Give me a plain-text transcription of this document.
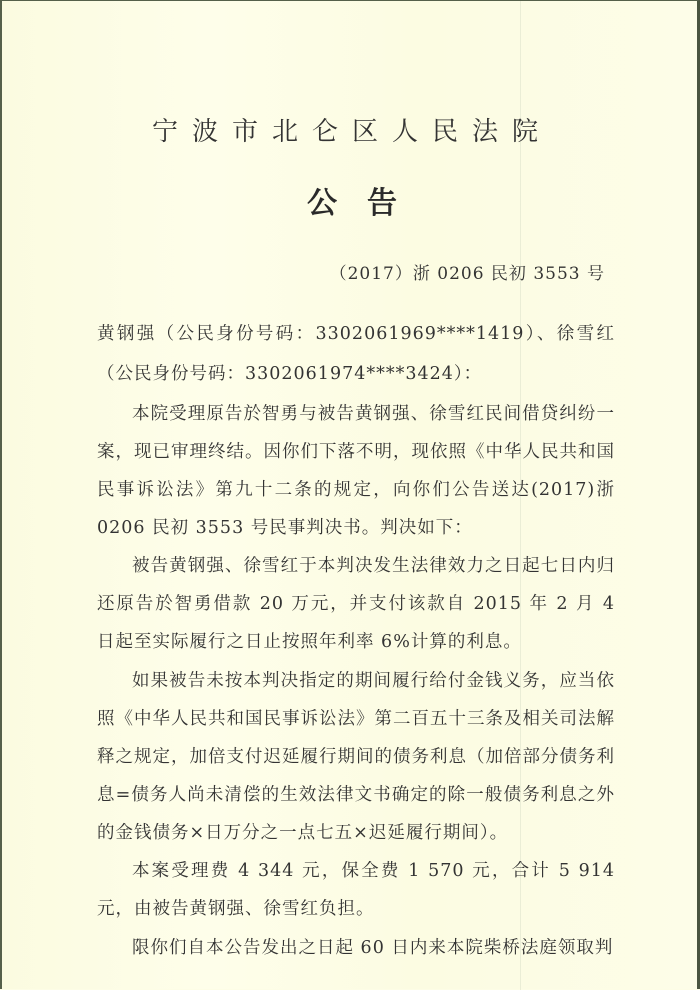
宁波市北仑区人民法院
公告
（2017）浙 0206 民初 3553 号

黄钢强（公民身份号码：3302061969****1419）、徐雪红（公民身份号码：3302061974****3424）：

本院受理原告於智勇与被告黄钢强、徐雪红民间借贷纠纷一案，现已审理终结。因你们下落不明，现依照《中华人民共和国民事诉讼法》第九十二条的规定，向你们公告送达(2017)浙 0206 民初 3553 号民事判决书。判决如下：

被告黄钢强、徐雪红于本判决发生法律效力之日起七日内归还原告於智勇借款 20 万元，并支付该款自 2015 年 2 月 4 日起至实际履行之日止按照年利率 6%计算的利息。

如果被告未按本判决指定的期间履行给付金钱义务，应当依照《中华人民共和国民事诉讼法》第二百五十三条及相关司法解释之规定，加倍支付迟延履行期间的债务利息（加倍部分债务利息=债务人尚未清偿的生效法律文书确定的除一般债务利息之外的金钱债务×日万分之一点七五×迟延履行期间）。

本案受理费 4 344 元，保全费 1 570 元，合计 5 914 元，由被告黄钢强、徐雪红负担。

限你们自本公告发出之日起 60 日内来本院柴桥法庭领取判
